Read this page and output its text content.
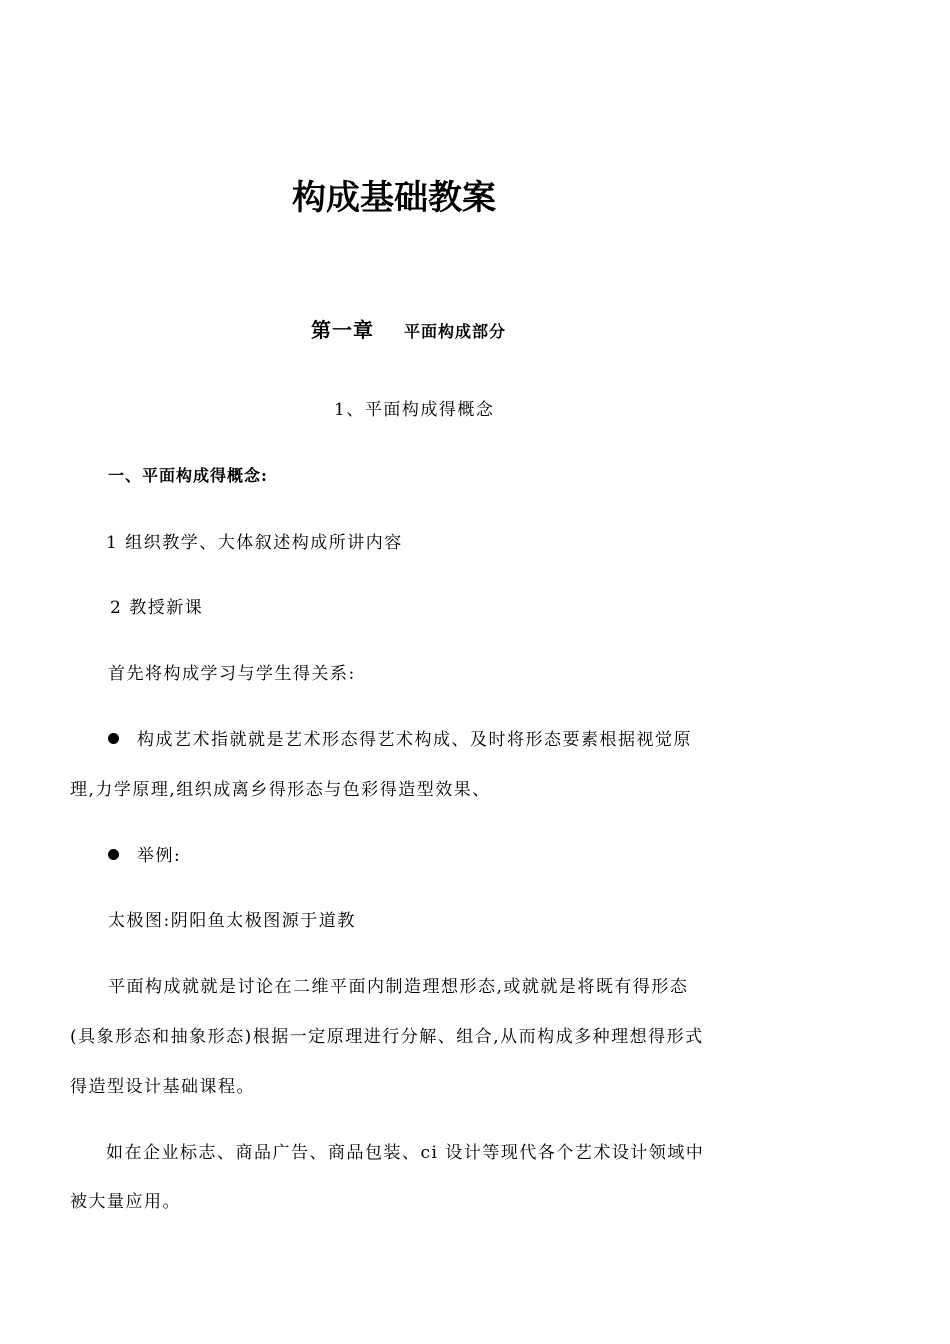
构成基础教案
第一章 平面构成部分
1、平面构成得概念
一、平面构成得概念:
1 组织教学、大体叙述构成所讲内容
2 教授新课
首先将构成学习与学生得关系:
构成艺术指就就是艺术形态得艺术构成、及时将形态要素根据视觉原
理,力学原理,组织成离乡得形态与色彩得造型效果、
举例:
太极图:阴阳鱼太极图源于道教
平面构成就就是讨论在二维平面内制造理想形态,或就就是将既有得形态
(具象形态和抽象形态)根据一定原理进行分解、组合,从而构成多种理想得形式
得造型设计基础课程。
如在企业标志、商品广告、商品包装、ci 设计等现代各个艺术设计领域中
被大量应用。
